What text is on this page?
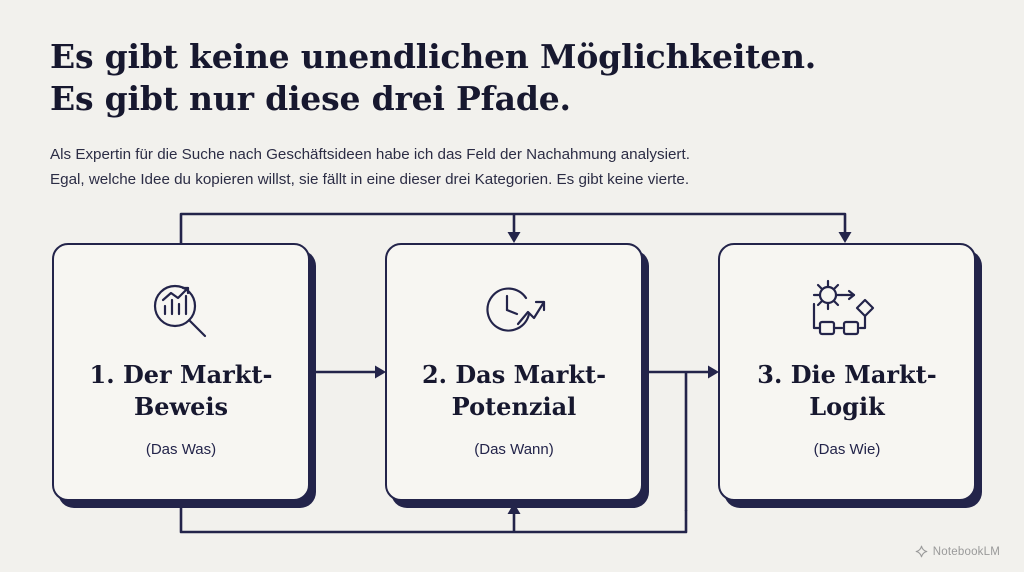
Es gibt keine unendlichen Möglichkeiten.
Es gibt nur diese drei Pfade.
Als Expertin für die Suche nach Geschäftsideen habe ich das Feld der Nachahmung analysiert.
Egal, welche Idee du kopieren willst, sie fällt in eine dieser drei Kategorien. Es gibt keine vierte.
1. Der Markt-
Beweis
(Das Was)
2. Das Markt-
Potenzial
(Das Wann)
3. Die Markt-
Logik
(Das Wie)
NotebookLM
